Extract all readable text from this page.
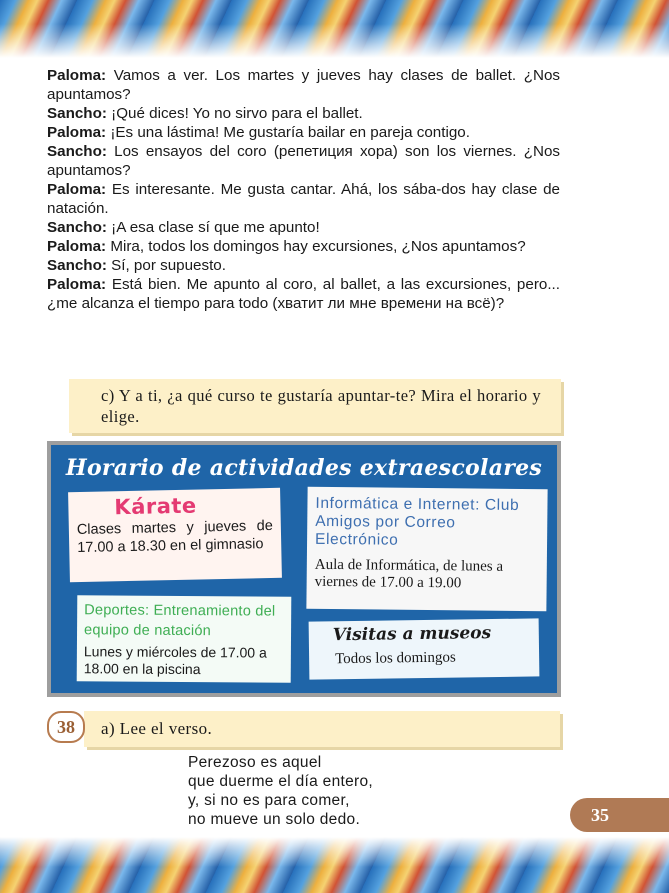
Paloma: Vamos a ver. Los martes y jueves hay clases de ballet. ¿Nos apuntamos?

Sancho: ¡Qué dices! Yo no sirvo para el ballet.

Paloma: ¡Es una lástima! Me gustaría bailar en pareja contigo.

Sancho: Los ensayos del coro (репетиция хора) son los viernes. ¿Nos apuntamos?

Paloma: Es interesante. Me gusta cantar. Ahá, los sába-dos hay clase de natación.

Sancho: ¡A esa clase sí que me apunto!

Paloma: Mira, todos los domingos hay excursiones, ¿Nos apuntamos?

Sancho: Sí, por supuesto.

Paloma: Está bien. Me apunto al coro, al ballet, a las excursiones, pero... ¿me alcanza el tiempo para todo (хватит ли мне времени на всё)?

c) Y a ti, ¿a qué curso te gustaría apuntar-te? Mira el horario y elige.
Horario de actividades extraescolares
Kárate
Clases martes y jueves de 17.00 a 18.30 en el gimnasio
Informática e Internet: Club Amigos por Correo Electrónico
Aula de Informática, de lunes a viernes de 17.00 a 19.00
Deportes: Entrenamiento del equipo de natación
Lunes y miércoles de 17.00 a 18.00 en la piscina
Visitas a museos
Todos los domingos
a) Lee el verso.
38

Perezoso es aquel

que duerme el día entero,

y, si no es para comer,

no mueve un solo dedo.	35
